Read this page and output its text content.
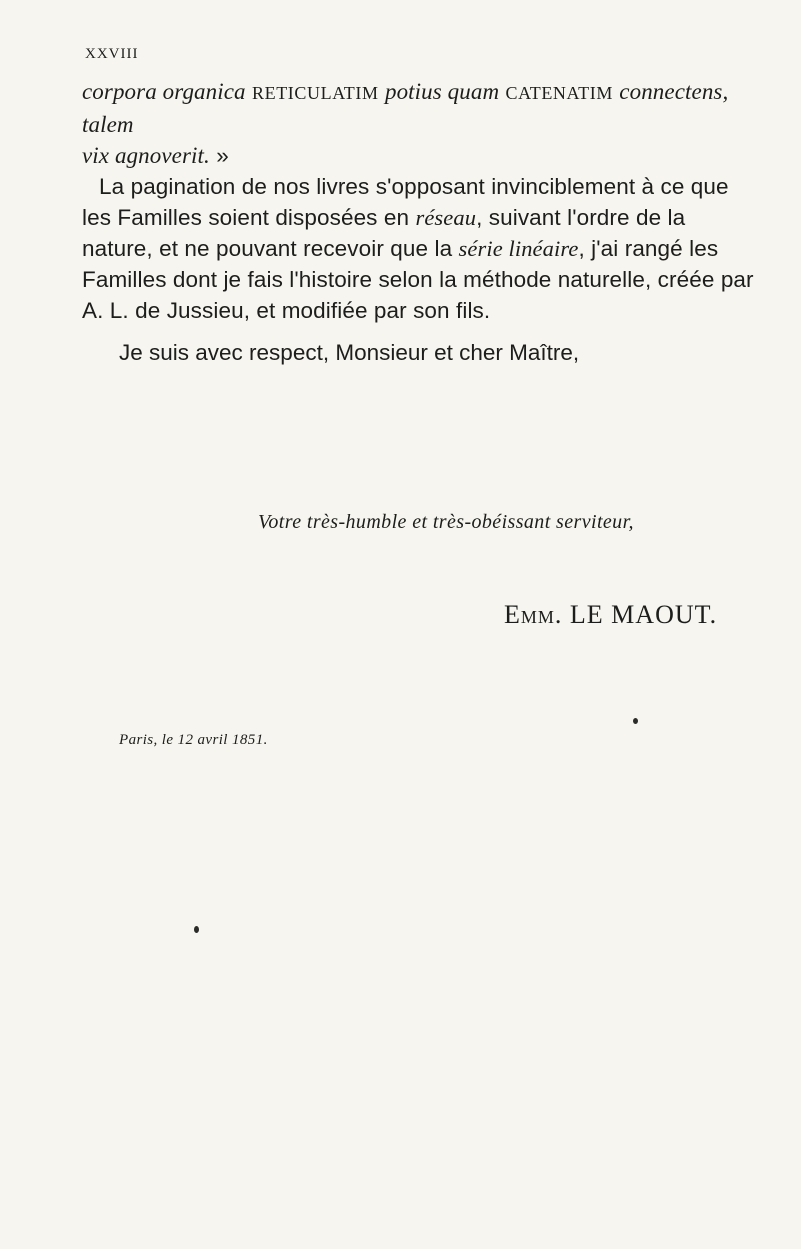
XXVIII

corpora organica RETICULATIM potius quam CATENATIM connectens, talem
vix agnoverit. »

La pagination de nos livres s'opposant invinciblement à ce que les Familles soient disposées en réseau, suivant l'ordre de la nature, et ne pouvant recevoir que la série linéaire, j'ai rangé les Familles dont je fais l'histoire selon la méthode naturelle, créée par A. L. de Jussieu, et modifiée par son fils.

Je suis avec respect, Monsieur et cher Maître,
Votre très-humble et très-obéissant serviteur,
Emm. LE MAOUT.
Paris, le 12 avril 1851.
